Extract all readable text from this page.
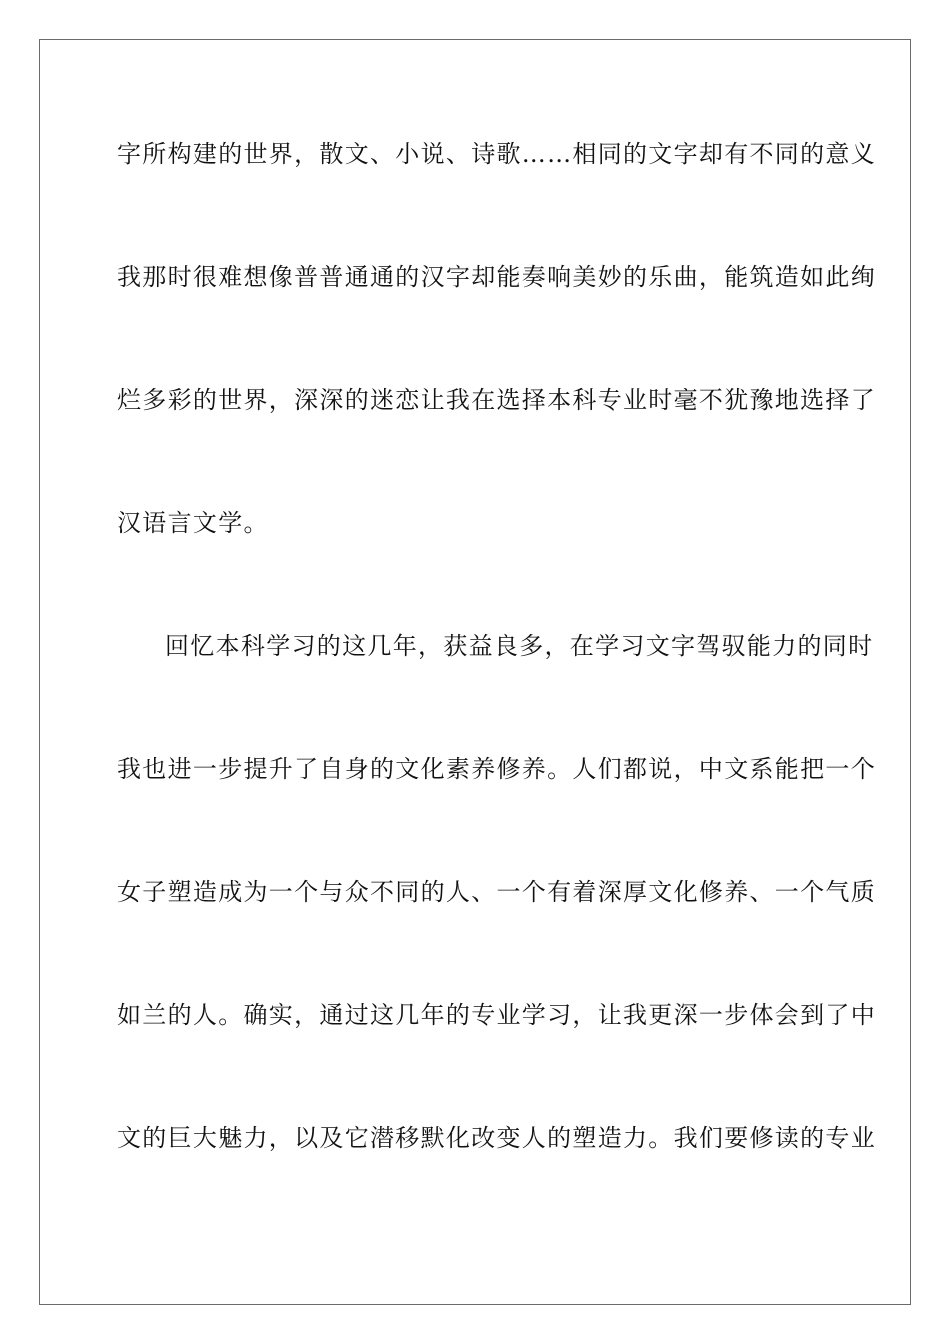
字所构建的世界，散文、小说、诗歌……相同的文字却有不同的意义
我那时很难想像普普通通的汉字却能奏响美妙的乐曲，能筑造如此绚
烂多彩的世界，深深的迷恋让我在选择本科专业时毫不犹豫地选择了
汉语言文学。
回忆本科学习的这几年，获益良多，在学习文字驾驭能力的同时
我也进一步提升了自身的文化素养修养。人们都说，中文系能把一个
女子塑造成为一个与众不同的人、一个有着深厚文化修养、一个气质
如兰的人。确实，通过这几年的专业学习，让我更深一步体会到了中
文的巨大魅力，以及它潜移默化改变人的塑造力。我们要修读的专业
